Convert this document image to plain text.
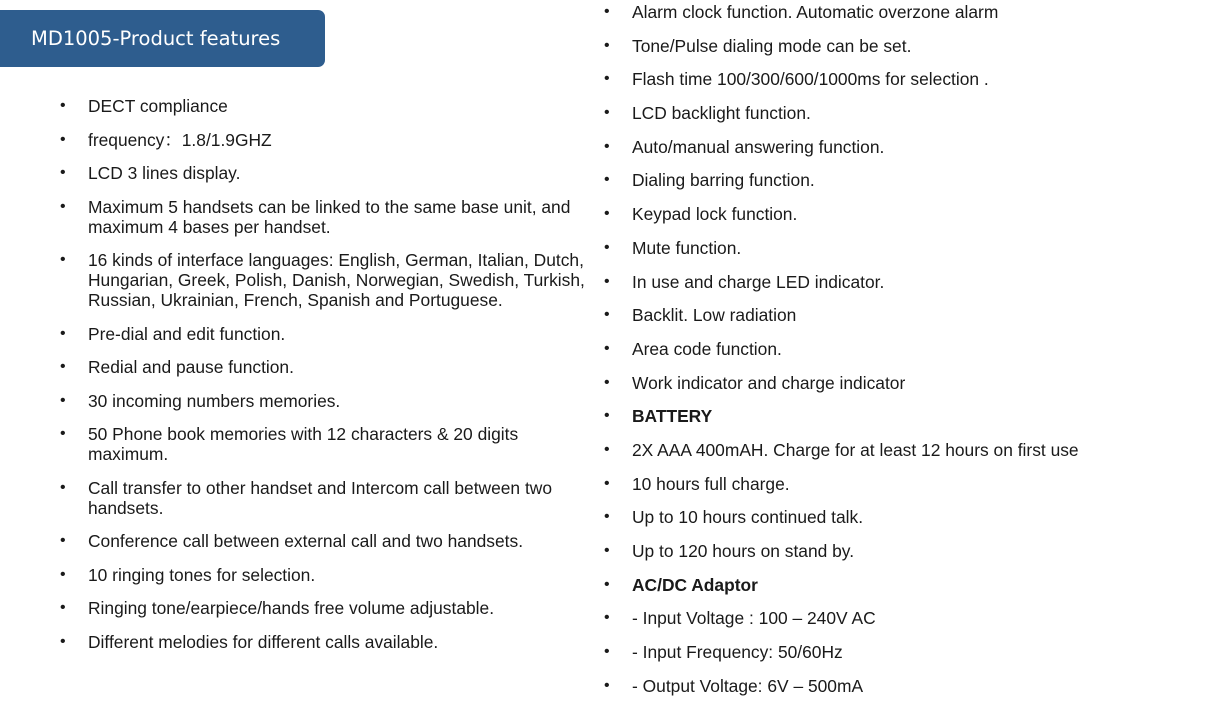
MD1005-Product features
•	DECT compliance
•	frequency：1.8/1.9GHZ
•	LCD 3 lines display.
•	Maximum 5 handsets can be linked to the same base unit, and maximum 4 bases per handset.
•	16 kinds of interface languages: English, German, Italian, Dutch, Hungarian, Greek, Polish, Danish, Norwegian, Swedish, Turkish, Russian, Ukrainian, French, Spanish and Portuguese.
•	Pre-dial and edit function.
•	Redial and pause function.
•	30 incoming numbers memories.
•	50 Phone book memories with 12 characters & 20 digits maximum.
•	Call transfer to other handset and Intercom call between two handsets.
•	Conference call between external call and two handsets.
•	10 ringing tones for selection.
•	Ringing tone/earpiece/hands free volume adjustable.
•	Different melodies for different calls available.
•	Alarm clock function. Automatic overzone alarm
•	Tone/Pulse dialing mode can be set.
•	Flash time 100/300/600/1000ms for selection .
•	LCD backlight function.
•	Auto/manual answering function.
•	Dialing barring function.
•	Keypad lock function.
•	Mute function.
•	In use and charge LED indicator.
•	Backlit. Low radiation
•	Area code function.
•	Work indicator and charge indicator
•	BATTERY
•	2X AAA 400mAH. Charge for at least 12 hours on first use
•	10 hours full charge.
•	Up to 10 hours continued talk.
•	Up to 120 hours on stand by.
•	AC/DC Adaptor
•	- Input Voltage : 100 – 240V AC
•	- Input Frequency: 50/60Hz
•	- Output Voltage: 6V – 500mA
